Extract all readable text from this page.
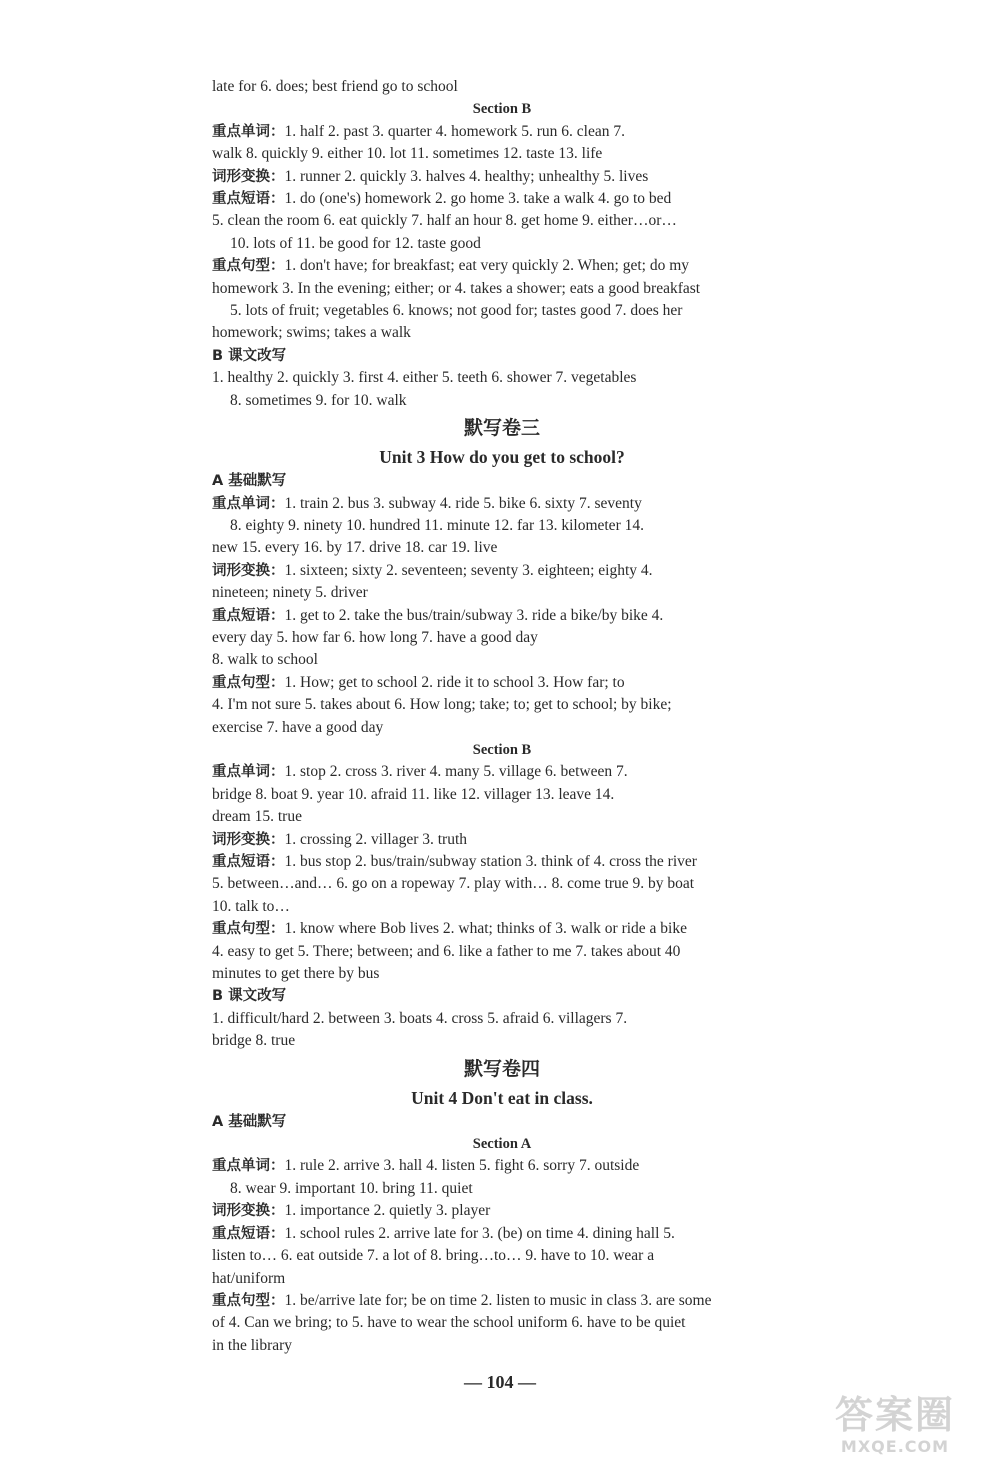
late for 6. does; best friend go to school
Section B
重点单词：1. half 2. past 3. quarter 4. homework 5. run 6. clean 7.
walk 8. quickly 9. either 10. lot 11. sometimes 12. taste 13. life
词形变换：1. runner 2. quickly 3. halves 4. healthy; unhealthy 5. lives
重点短语：1. do (one's) homework 2. go home 3. take a walk 4. go to bed
5. clean the room 6. eat quickly 7. half an hour 8. get home 9. either…or…
10. lots of 11. be good for 12. taste good
重点句型：1. don't have; for breakfast; eat very quickly 2. When; get; do my
homework 3. In the evening; either; or 4. takes a shower; eats a good breakfast
5. lots of fruit; vegetables 6. knows; not good for; tastes good 7. does her
homework; swims; takes a walk
B 课文改写
1. healthy 2. quickly 3. first 4. either 5. teeth 6. shower 7. vegetables
8. sometimes 9. for 10. walk
默写卷三
Unit 3 How do you get to school?
A 基础默写
重点单词：1. train 2. bus 3. subway 4. ride 5. bike 6. sixty 7. seventy
8. eighty 9. ninety 10. hundred 11. minute 12. far 13. kilometer 14.
new 15. every 16. by 17. drive 18. car 19. live
词形变换：1. sixteen; sixty 2. seventeen; seventy 3. eighteen; eighty 4.
nineteen; ninety 5. driver
重点短语：1. get to 2. take the bus/train/subway 3. ride a bike/by bike 4.
every day 5. how far 6. how long 7. have a good day
8. walk to school
重点句型：1. How; get to school 2. ride it to school 3. How far; to
4. I'm not sure 5. takes about 6. How long; take; to; get to school; by bike;
exercise 7. have a good day
Section B
重点单词：1. stop 2. cross 3. river 4. many 5. village 6. between 7.
bridge 8. boat 9. year 10. afraid 11. like 12. villager 13. leave 14.
dream 15. true
词形变换：1. crossing 2. villager 3. truth
重点短语：1. bus stop 2. bus/train/subway station 3. think of 4. cross the river
5. between…and… 6. go on a ropeway 7. play with… 8. come true 9. by boat
10. talk to…
重点句型：1. know where Bob lives 2. what; thinks of 3. walk or ride a bike
4. easy to get 5. There; between; and 6. like a father to me 7. takes about 40
minutes to get there by bus
B 课文改写
1. difficult/hard 2. between 3. boats 4. cross 5. afraid 6. villagers 7.
bridge 8. true
默写卷四
Unit 4 Don't eat in class.
A 基础默写
Section A
重点单词：1. rule 2. arrive 3. hall 4. listen 5. fight 6. sorry 7. outside
8. wear 9. important 10. bring 11. quiet
词形变换：1. importance 2. quietly 3. player
重点短语：1. school rules 2. arrive late for 3. (be) on time 4. dining hall 5.
listen to… 6. eat outside 7. a lot of 8. bring…to… 9. have to 10. wear a
hat/uniform
重点句型：1. be/arrive late for; be on time 2. listen to music in class 3. are some
of 4. Can we bring; to 5. have to wear the school uniform 6. have to be quiet
in the library
— 104 —
答案圈
MXQE.COM
